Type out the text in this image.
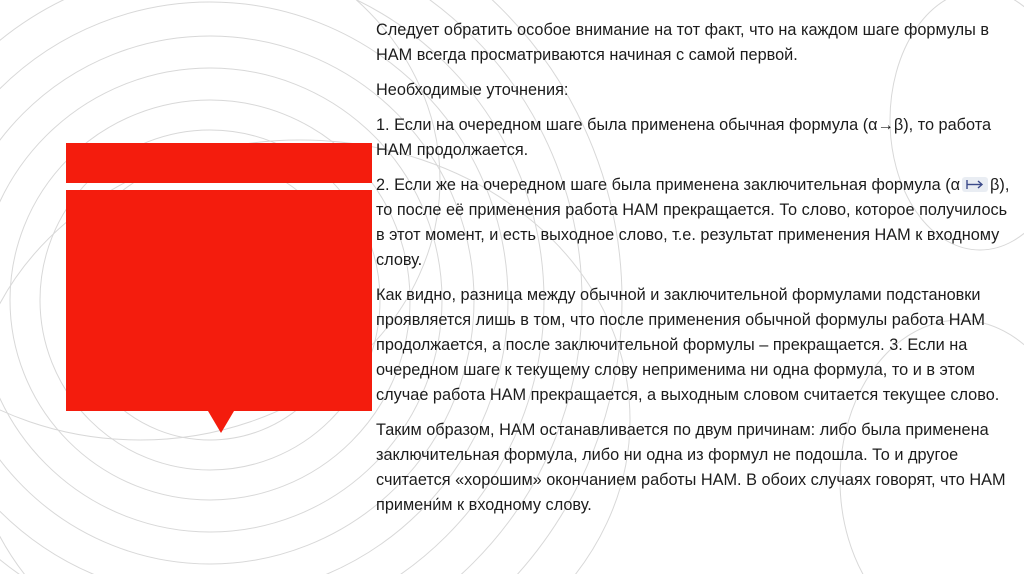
Следует обратить особое внимание на тот факт, что на каждом шаге формулы в НАМ всегда просматриваются начиная с самой первой.

Необходимые уточнения:

1. Если на очередном шаге была применена обычная формула (α→β), то работа НАМ продолжается.

2. Если же на очередном шаге была применена заключительная формула (α β), то после её применения работа НАМ прекращается. То слово, которое получилось в этот момент, и есть выходное слово, т.е. результат применения НАМ к входному слову.

Как видно, разница между обычной и заключительной формулами подстановки проявляется лишь в том, что после применения обычной формулы работа НАМ продолжается, а после заключительной формулы – прекращается. 3. Если на очередном шаге к текущему слову неприменима ни одна формула, то и в этом случае работа НАМ прекращается, а выходным словом считается текущее слово.

Таким образом, НАМ останавливается по двум причинам: либо была применена заключительная формула, либо ни одна из формул не подошла. То и другое считается «хорошим» окончанием работы НАМ. В обоих случаях говорят, что НАМ примени́м к входному слову.
